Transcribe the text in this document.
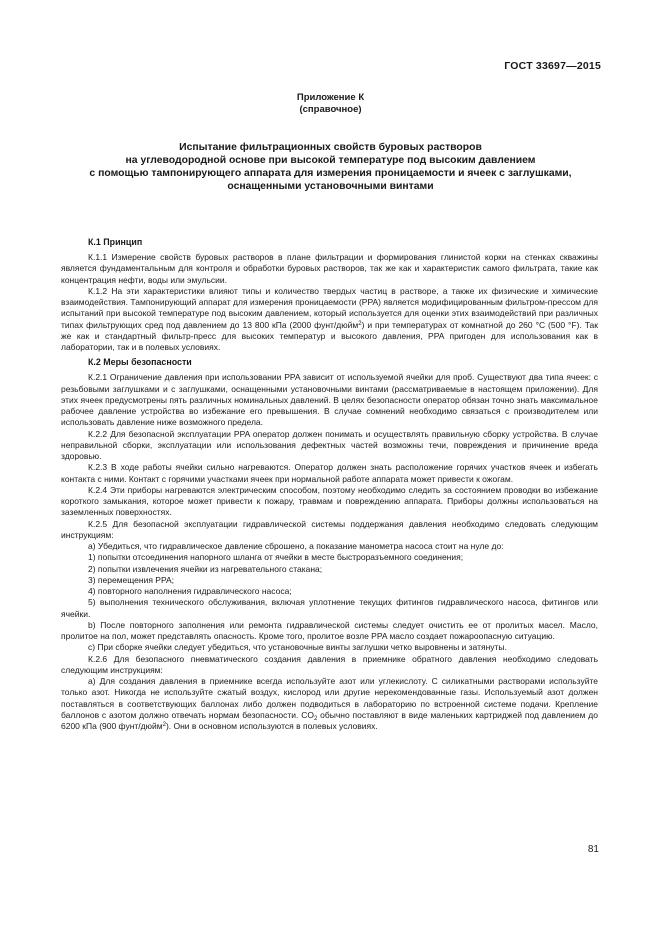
ГОСТ 33697—2015
Приложение К
(справочное)
Испытание фильтрационных свойств буровых растворов
на углеводородной основе при высокой температуре под высоким давлением
с помощью тампонирующего аппарата для измерения проницаемости и ячеек с заглушками,
оснащенными установочными винтами
К.1 Принцип

К.1.1 Измерение свойств буровых растворов в плане фильтрации и формирования глинистой корки на стенках скважины является фундаментальным для контроля и обработки буровых растворов, так же как и характеристик самого фильтрата, такие как концентрация нефти, воды или эмульсии.

К.1.2 На эти характеристики влияют типы и количество твердых частиц в растворе, а также их физические и химические взаимодействия. Тампонирующий аппарат для измерения проницаемости (PPA) является модифицированным фильтром-прессом для испытаний при высокой температуре под высоким давлением, который используется для оценки этих взаимодействий при различных типах фильтрующих сред под давлением до 13 800 кПа (2000 фунт/дюйм$^2$) и при температурах от комнатной до 260 °С (500 °F). Так же как и стандартный фильтр-пресс для высоких температур и высокого давления, PPA пригоден для использования как в лаборатории, так и в полевых условиях.

К.2 Меры безопасности

К.2.1 Ограничение давления при использовании PPA зависит от используемой ячейки для проб. Существуют два типа ячеек: с резьбовыми заглушками и с заглушками, оснащенными установочными винтами (рассматриваемые в настоящем приложении). Для этих ячеек предусмотрены пять различных номинальных давлений. В целях безопасности оператор обязан точно знать максимальное рабочее давление устройства во избежание его превышения. В случае сомнений необходимо связаться с производителем или использовать давление ниже возможного предела.

К.2.2 Для безопасной эксплуатации PPA оператор должен понимать и осуществлять правильную сборку устройства. В случае неправильной сборки, эксплуатации или использования дефектных частей возможны течи, повреждения и причинение вреда здоровью.

К.2.3 В ходе работы ячейки сильно нагреваются. Оператор должен знать расположение горячих участков ячеек и избегать контакта с ними. Контакт с горячими участками ячеек при нормальной работе аппарата может привести к ожогам.

К.2.4 Эти приборы нагреваются электрическим способом, поэтому необходимо следить за состоянием проводки во избежание короткого замыкания, которое может привести к пожару, травмам и повреждению аппарата. Приборы должны использоваться на заземленных поверхностях.

К.2.5 Для безопасной эксплуатации гидравлической системы поддержания давления необходимо следовать следующим инструкциям:

а) Убедиться, что гидравлическое давление сброшено, а показание манометра насоса стоит на нуле до:

1) попытки отсоединения напорного шланга от ячейки в месте быстроразъемного соединения;

2) попытки извлечения ячейки из нагревательного стакана;

3) перемещения PPA;

4) повторного наполнения гидравлического насоса;

5) выполнения технического обслуживания, включая уплотнение текущих фитингов гидравлического насоса, фитингов или ячейки.

b) После повторного заполнения или ремонта гидравлической системы следует очистить ее от пролитых масел. Масло, пролитое на пол, может представлять опасность. Кроме того, пролитое возле PPA масло создает пожароопасную ситуацию.

с) При сборке ячейки следует убедиться, что установочные винты заглушки четко выровнены и затянуты.

К.2.6 Для безопасного пневматического создания давления в приемнике обратного давления необходимо следовать следующим инструкциям:

а) Для создания давления в приемнике всегда используйте азот или углекислоту. С силикатными растворами используйте только азот. Никогда не используйте сжатый воздух, кислород или другие нерекомендованные газы. Используемый азот должен поставляться в соответствующих баллонах либо должен подводиться в лабораторию по встроенной системе подачи. Крепление баллонов с азотом должно отвечать нормам безопасности. $CO_2$ обычно поставляют в виде маленьких картриджей под давлением до 6200 кПа (900 фунт/дюйм$^2$). Они в основном используются в полевых условиях.

81
